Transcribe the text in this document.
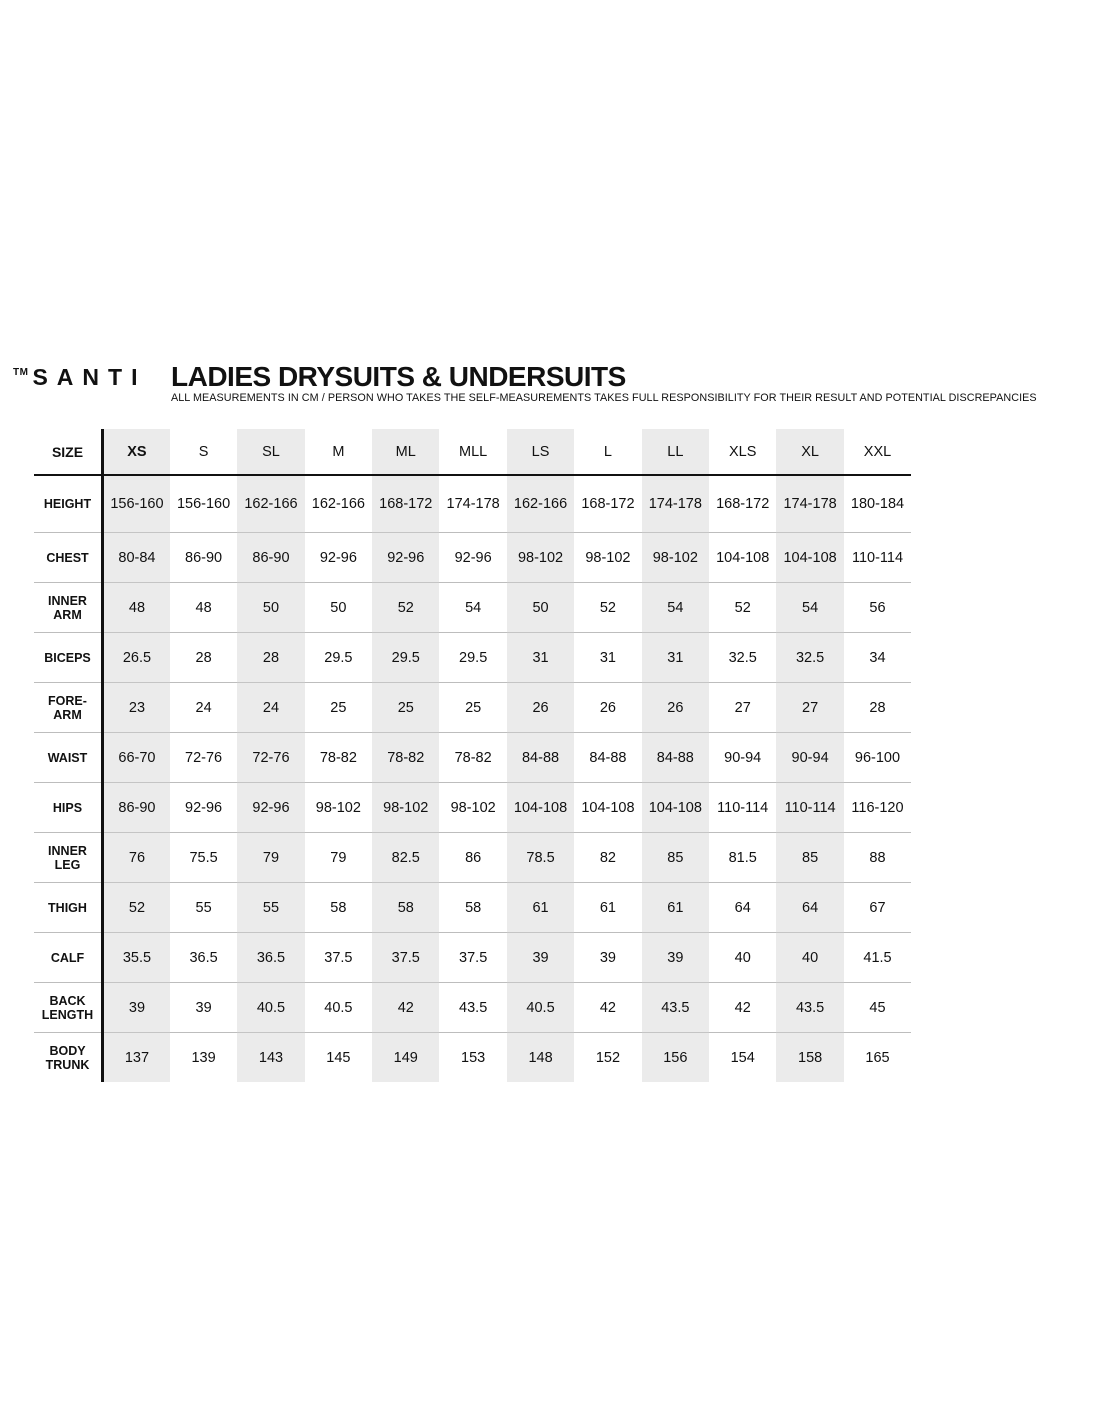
TM SANTI LADIES DRYSUITS & UNDERSUITS

ALL MEASUREMENTS IN CM / PERSON WHO TAKES THE SELF-MEASUREMENTS TAKES FULL RESPONSIBILITY FOR THEIR RESULT AND POTENTIAL DISCREPANCIES

SIZE	XS	S	SL	M	ML	MLL	LS	L	LL	XLS	XL	XXL
HEIGHT	156-160	156-160	162-166	162-166	168-172	174-178	162-166	168-172	174-178	168-172	174-178	180-184
CHEST	80-84	86-90	86-90	92-96	92-96	92-96	98-102	98-102	98-102	104-108	104-108	110-114
INNER
ARM	48	48	50	50	52	54	50	52	54	52	54	56
BICEPS	26.5	28	28	29.5	29.5	29.5	31	31	31	32.5	32.5	34
FORE-
ARM	23	24	24	25	25	25	26	26	26	27	27	28
WAIST	66-70	72-76	72-76	78-82	78-82	78-82	84-88	84-88	84-88	90-94	90-94	96-100
HIPS	86-90	92-96	92-96	98-102	98-102	98-102	104-108	104-108	104-108	110-114	110-114	116-120
INNER
LEG	76	75.5	79	79	82.5	86	78.5	82	85	81.5	85	88
THIGH	52	55	55	58	58	58	61	61	61	64	64	67
CALF	35.5	36.5	36.5	37.5	37.5	37.5	39	39	39	40	40	41.5
BACK
LENGTH	39	39	40.5	40.5	42	43.5	40.5	42	43.5	42	43.5	45
BODY
TRUNK	137	139	143	145	149	153	148	152	156	154	158	165
